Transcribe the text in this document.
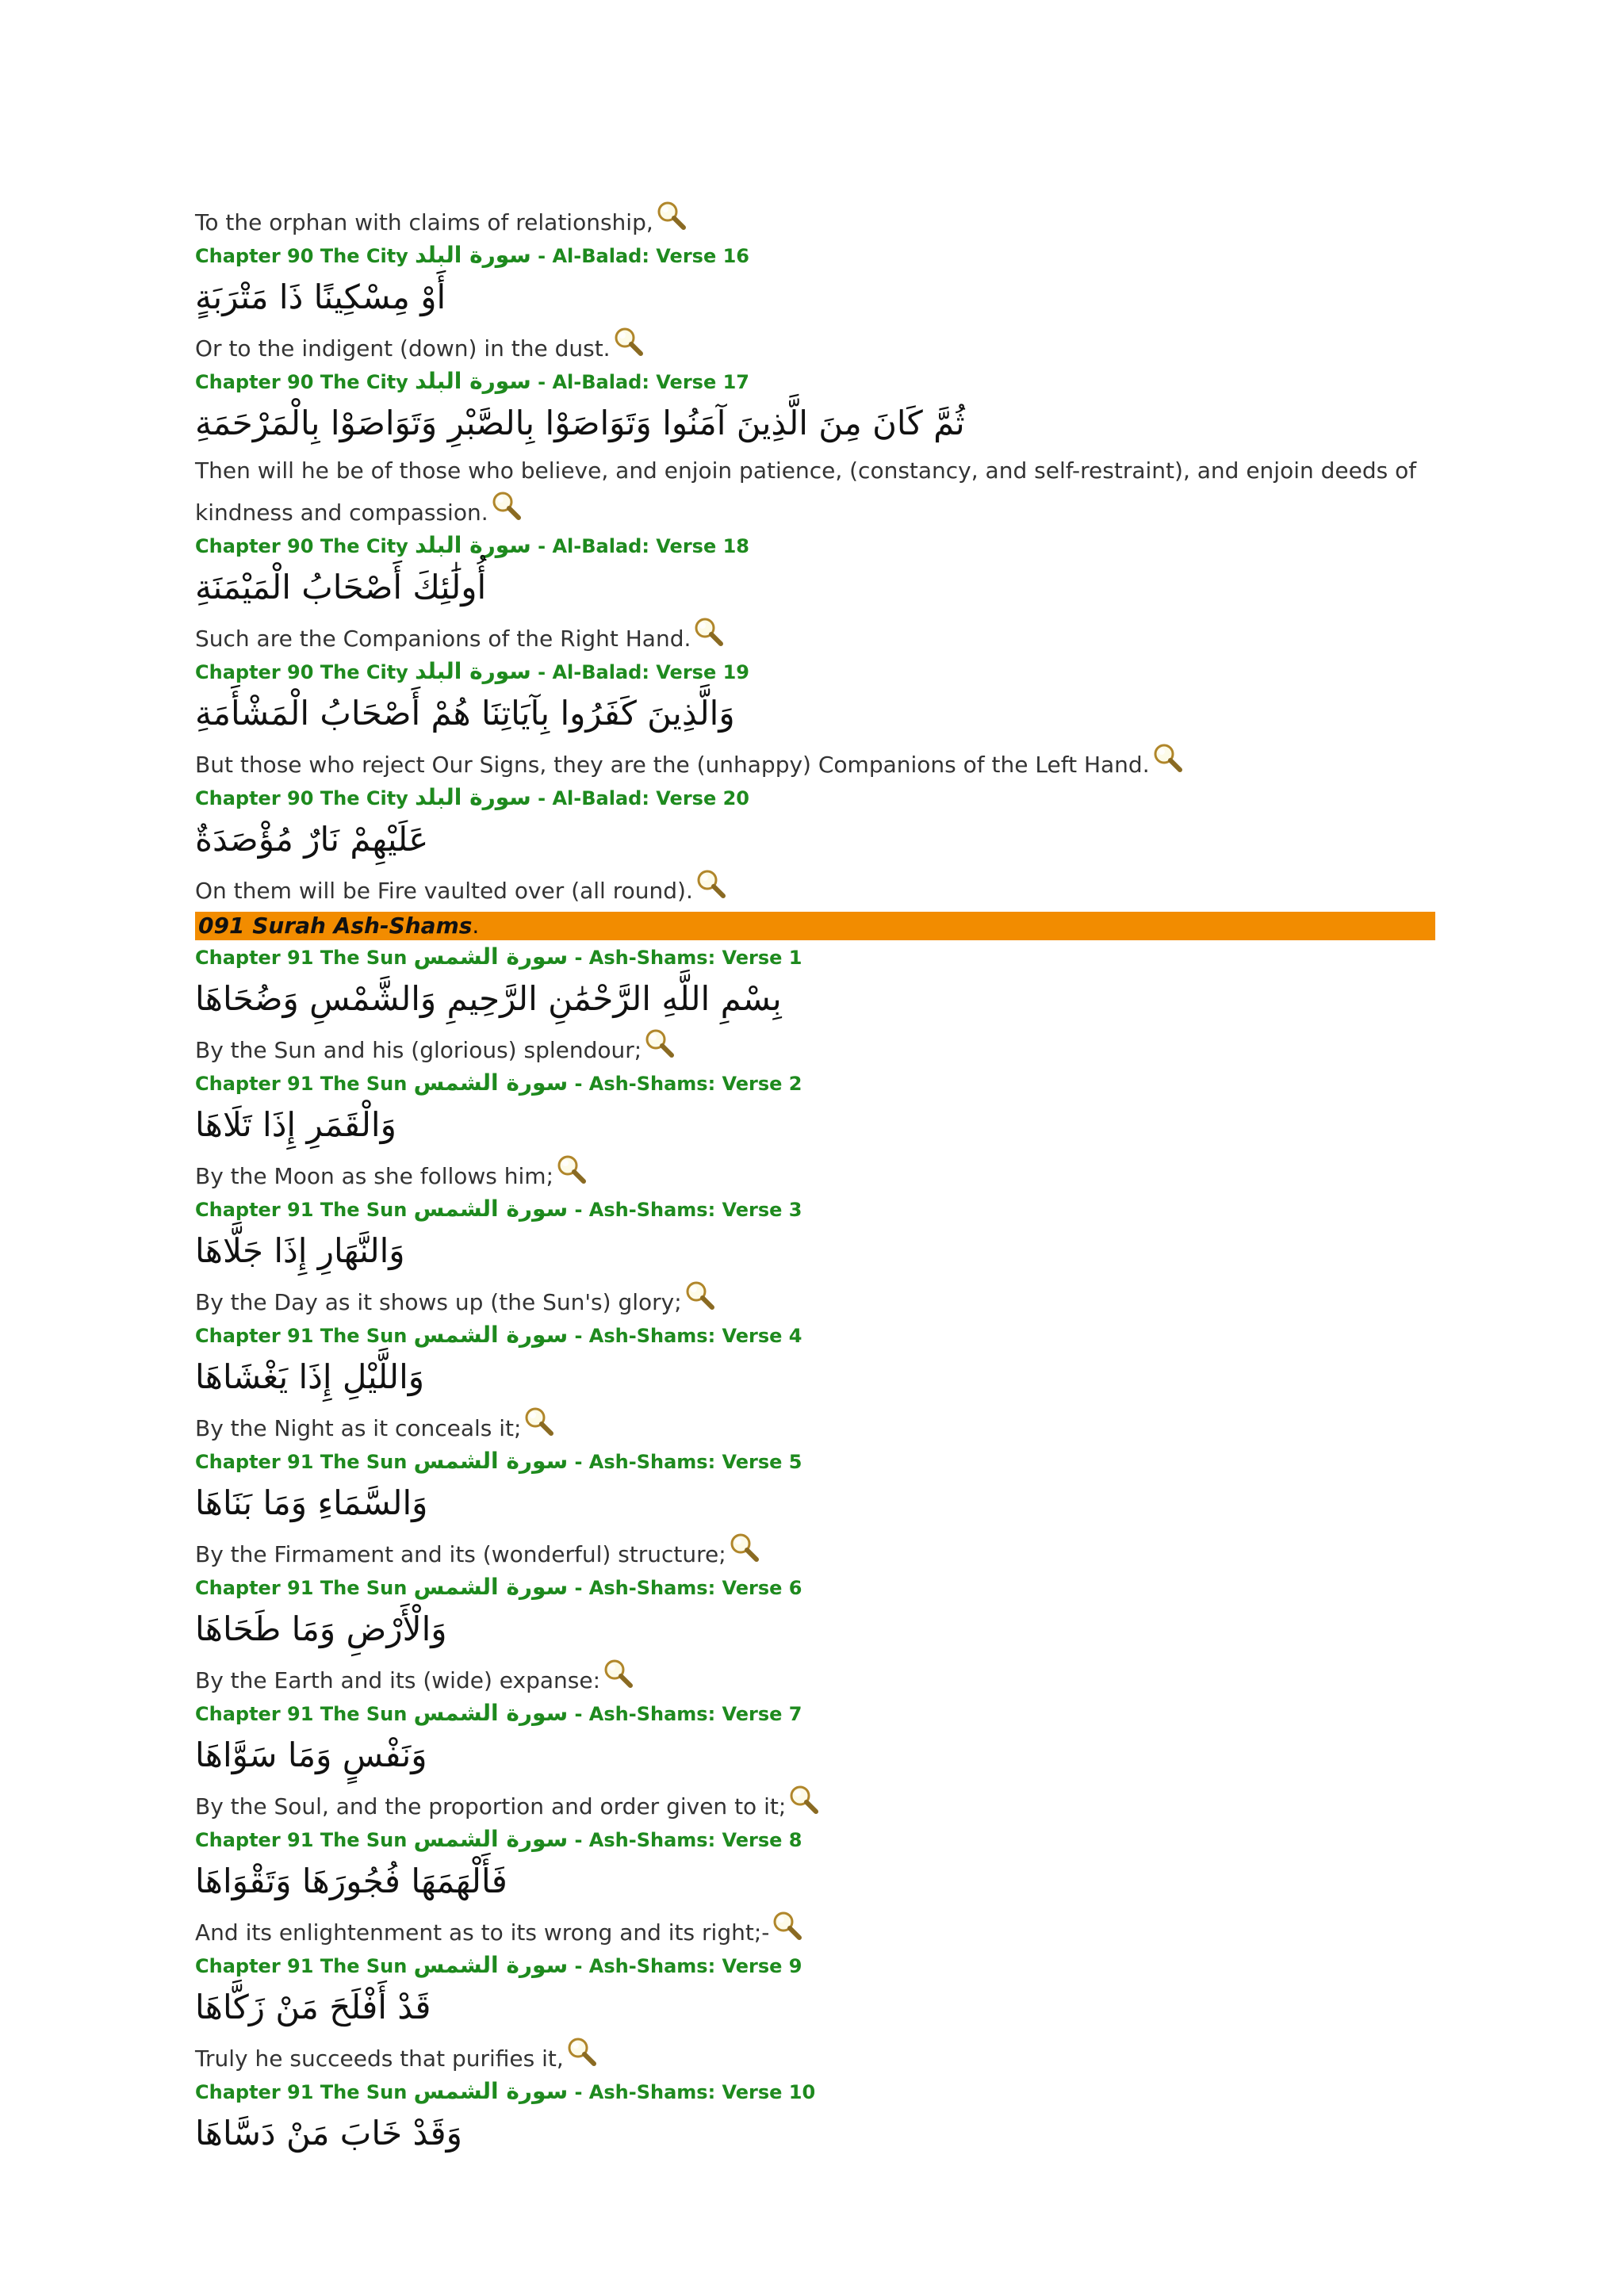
To the orphan with claims of relationship,

Chapter 90 The City سورة البلد - Al-Balad: Verse 16
أَوْ مِسْكِينًا ذَا مَتْرَبَةٍ

Or to the indigent (down) in the dust.

Chapter 90 The City سورة البلد - Al-Balad: Verse 17
ثُمَّ كَانَ مِنَ الَّذِينَ آمَنُوا وَتَوَاصَوْا بِالصَّبْرِ وَتَوَاصَوْا بِالْمَرْحَمَةِ

Then will he be of those who believe, and enjoin patience, (constancy, and self-restraint), and enjoin deeds of kindness and compassion.

Chapter 90 The City سورة البلد - Al-Balad: Verse 18
أُولَٰئِكَ أَصْحَابُ الْمَيْمَنَةِ

Such are the Companions of the Right Hand.

Chapter 90 The City سورة البلد - Al-Balad: Verse 19
وَالَّذِينَ كَفَرُوا بِآيَاتِنَا هُمْ أَصْحَابُ الْمَشْأَمَةِ

But those who reject Our Signs, they are the (unhappy) Companions of the Left Hand.

Chapter 90 The City سورة البلد - Al-Balad: Verse 20
عَلَيْهِمْ نَارٌ مُؤْصَدَةٌ

On them will be Fire vaulted over (all round).

091 Surah Ash-Shams.
Chapter 91 The Sun سورة الشمس - Ash-Shams: Verse 1
بِسْمِ اللَّهِ الرَّحْمَٰنِ الرَّحِيمِ وَالشَّمْسِ وَضُحَاهَا

By the Sun and his (glorious) splendour;

Chapter 91 The Sun سورة الشمس - Ash-Shams: Verse 2
وَالْقَمَرِ إِذَا تَلَاهَا

By the Moon as she follows him;

Chapter 91 The Sun سورة الشمس - Ash-Shams: Verse 3
وَالنَّهَارِ إِذَا جَلَّاهَا

By the Day as it shows up (the Sun's) glory;

Chapter 91 The Sun سورة الشمس - Ash-Shams: Verse 4
وَاللَّيْلِ إِذَا يَغْشَاهَا

By the Night as it conceals it;

Chapter 91 The Sun سورة الشمس - Ash-Shams: Verse 5
وَالسَّمَاءِ وَمَا بَنَاهَا

By the Firmament and its (wonderful) structure;

Chapter 91 The Sun سورة الشمس - Ash-Shams: Verse 6
وَالْأَرْضِ وَمَا طَحَاهَا

By the Earth and its (wide) expanse:

Chapter 91 The Sun سورة الشمس - Ash-Shams: Verse 7
وَنَفْسٍ وَمَا سَوَّاهَا

By the Soul, and the proportion and order given to it;

Chapter 91 The Sun سورة الشمس - Ash-Shams: Verse 8
فَأَلْهَمَهَا فُجُورَهَا وَتَقْوَاهَا

And its enlightenment as to its wrong and its right;-

Chapter 91 The Sun سورة الشمس - Ash-Shams: Verse 9
قَدْ أَفْلَحَ مَنْ زَكَّاهَا

Truly he succeeds that purifies it,

Chapter 91 The Sun سورة الشمس - Ash-Shams: Verse 10
وَقَدْ خَابَ مَنْ دَسَّاهَا
